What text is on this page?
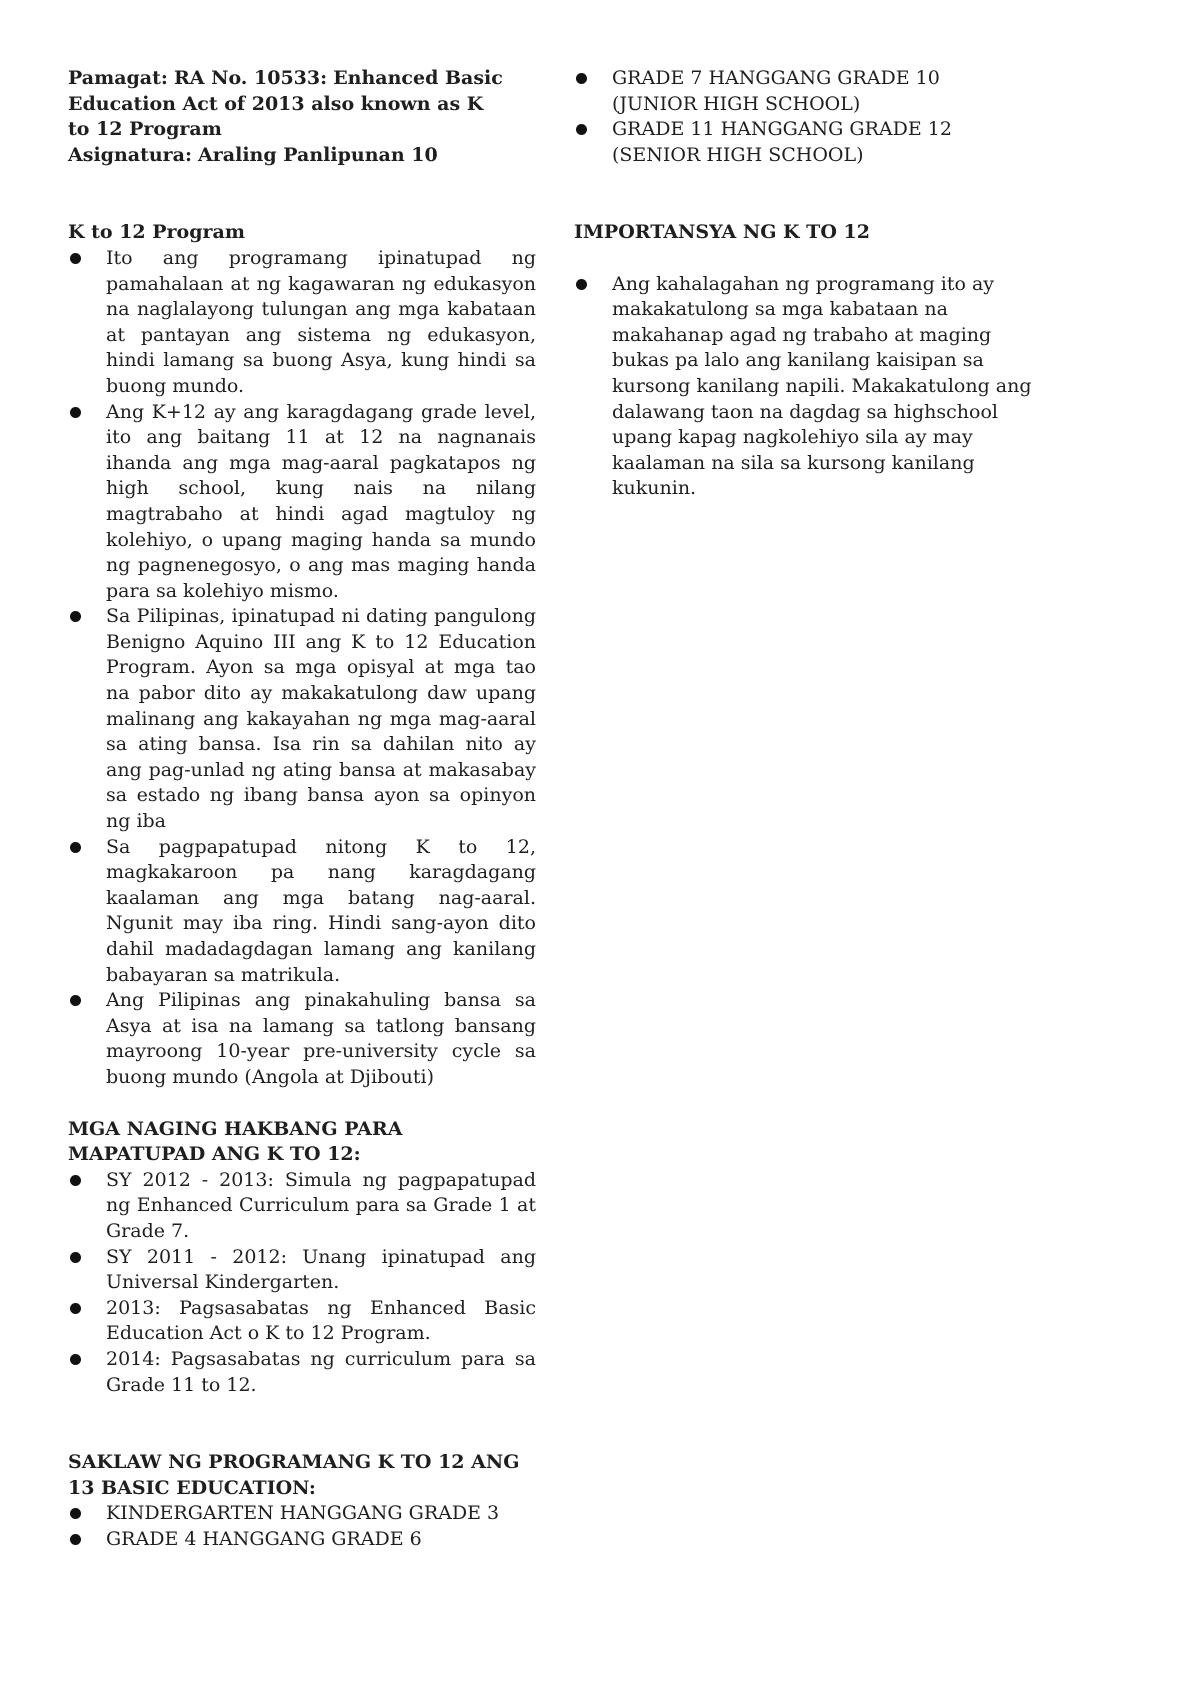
Pamagat: RA No. 10533: Enhanced Basic Education Act of 2013 also known as K to 12 Program
Asignatura: Araling Panlipunan 10
K to 12 Program
Ito ang programang ipinatupad ng pamahalaan at ng kagawaran ng edukasyon na naglalayong tulungan ang mga kabataan at pantayan ang sistema ng edukasyon, hindi lamang sa buong Asya, kung hindi sa buong mundo.
Ang K+12 ay ang karagdagang grade level, ito ang baitang 11 at 12 na nagnanais ihanda ang mga mag-aaral pagkatapos ng high school, kung nais na nilang magtrabaho at hindi agad magtuloy ng kolehiyo, o upang maging handa sa mundo ng pagnenegosyo, o ang mas maging handa para sa kolehiyo mismo.
Sa Pilipinas, ipinatupad ni dating pangulong Benigno Aquino III ang K to 12 Education Program. Ayon sa mga opisyal at mga tao na pabor dito ay makakatulong daw upang malinang ang kakayahan ng mga mag-aaral sa ating bansa. Isa rin sa dahilan nito ay ang pag-unlad ng ating bansa at makasabay sa estado ng ibang bansa ayon sa opinyon ng iba
Sa pagpapatupad nitong K to 12, magkakaroon pa nang karagdagang kaalaman ang mga batang nag-aaral. Ngunit may iba ring. Hindi sang-ayon dito dahil madadagdagan lamang ang kanilang babayaran sa matrikula.
Ang Pilipinas ang pinakahuling bansa sa Asya at isa na lamang sa tatlong bansang mayroong 10-year pre-university cycle sa buong mundo (Angola at Djibouti)
MGA NAGING HAKBANG PARA MAPATUPAD ANG K TO 12:
SY 2012 - 2013: Simula ng pagpapatupad ng Enhanced Curriculum para sa Grade 1 at Grade 7.
SY 2011 - 2012: Unang ipinatupad ang Universal Kindergarten.
2013: Pagsasabatas ng Enhanced Basic Education Act o K to 12 Program.
2014: Pagsasabatas ng curriculum para sa Grade 11 to 12.
SAKLAW NG PROGRAMANG K TO 12 ANG 13 BASIC EDUCATION:
KINDERGARTEN HANGGANG GRADE 3
GRADE 4 HANGGANG GRADE 6
GRADE 7 HANGGANG GRADE 10 (JUNIOR HIGH SCHOOL)
GRADE 11 HANGGANG GRADE 12 (SENIOR HIGH SCHOOL)
IMPORTANSYA NG K TO 12
Ang kahalagahan ng programang ito ay makakatulong sa mga kabataan na makahanap agad ng trabaho at maging bukas pa lalo ang kanilang kaisipan sa kursong kanilang napili. Makakatulong ang dalawang taon na dagdag sa highschool upang kapag nagkolehiyo sila ay may kaalaman na sila sa kursong kanilang kukunin.
